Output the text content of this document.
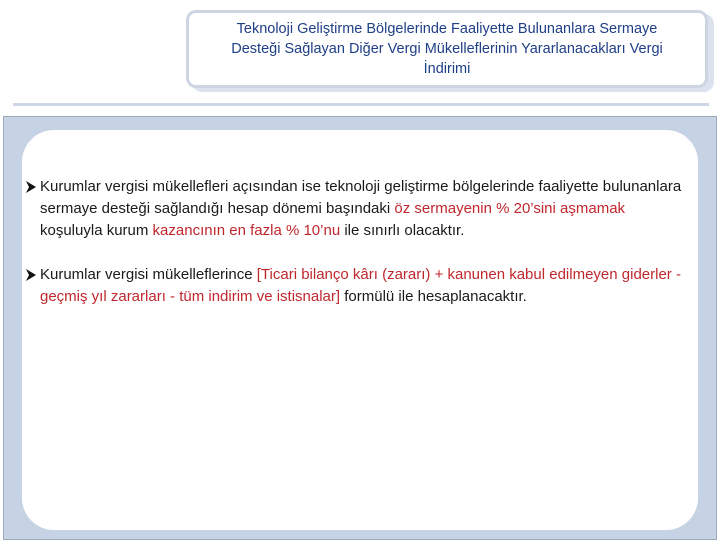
Teknoloji Geliştirme Bölgelerinde Faaliyette Bulunanlara Sermaye
Desteği Sağlayan Diğer Vergi Mükelleflerinin Yararlanacakları Vergi
İndirimi
Kurumlar vergisi mükellefleri açısından ise teknoloji geliştirme bölgelerinde faaliyette bulunanlara sermaye desteği sağlandığı hesap dönemi başındaki öz sermayenin % 20’sini aşmamak koşuluyla kurum kazancının en fazla % 10’nu ile sınırlı olacaktır.
Kurumlar vergisi mükelleflerince [Ticari bilanço kârı (zararı) + kanunen kabul edilmeyen giderler - geçmiş yıl zararları - tüm indirim ve istisnalar] formülü ile hesaplanacaktır.
